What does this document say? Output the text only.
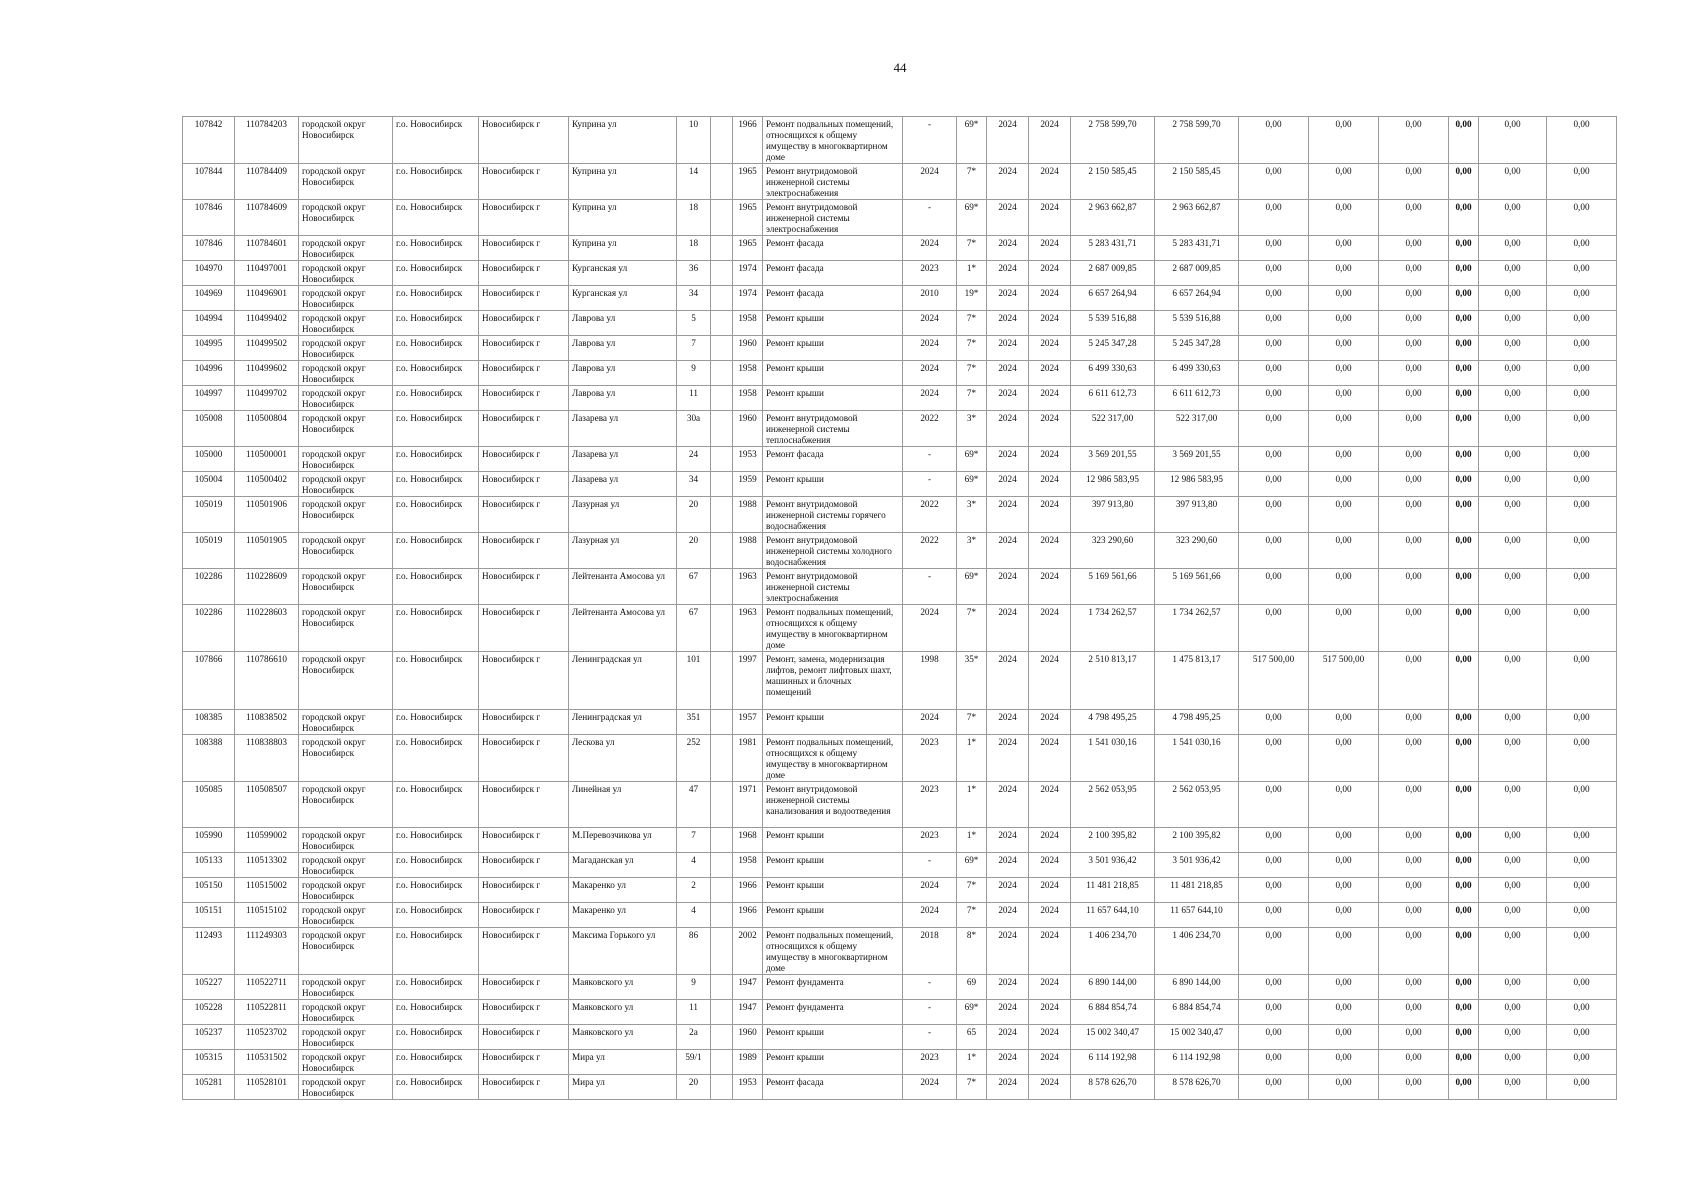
44
107842	110784203	городской округ Новосибирск	г.о. Новосибирск	Новосибирск г	Куприна ул	10		1966	Ремонт подвальных помещений, относящихся к общему имуществу в многоквартирном доме	-	69*	2024	2024	2 758 599,70	2 758 599,70	0,00	0,00	0,00	0,00	0,00	0,00
107844	110784409	городской округ Новосибирск	г.о. Новосибирск	Новосибирск г	Куприна ул	14		1965	Ремонт внутридомовой инженерной системы электроснабжения	2024	7*	2024	2024	2 150 585,45	2 150 585,45	0,00	0,00	0,00	0,00	0,00	0,00
107846	110784609	городской округ Новосибирск	г.о. Новосибирск	Новосибирск г	Куприна ул	18		1965	Ремонт внутридомовой инженерной системы электроснабжения	-	69*	2024	2024	2 963 662,87	2 963 662,87	0,00	0,00	0,00	0,00	0,00	0,00
107846	110784601	городской округ Новосибирск	г.о. Новосибирск	Новосибирск г	Куприна ул	18		1965	Ремонт фасада	2024	7*	2024	2024	5 283 431,71	5 283 431,71	0,00	0,00	0,00	0,00	0,00	0,00
104970	110497001	городской округ Новосибирск	г.о. Новосибирск	Новосибирск г	Курганская ул	36		1974	Ремонт фасада	2023	1*	2024	2024	2 687 009,85	2 687 009,85	0,00	0,00	0,00	0,00	0,00	0,00
104969	110496901	городской округ Новосибирск	г.о. Новосибирск	Новосибирск г	Курганская ул	34		1974	Ремонт фасада	2010	19*	2024	2024	6 657 264,94	6 657 264,94	0,00	0,00	0,00	0,00	0,00	0,00
104994	110499402	городской округ Новосибирск	г.о. Новосибирск	Новосибирск г	Лаврова ул	5		1958	Ремонт крыши	2024	7*	2024	2024	5 539 516,88	5 539 516,88	0,00	0,00	0,00	0,00	0,00	0,00
104995	110499502	городской округ Новосибирск	г.о. Новосибирск	Новосибирск г	Лаврова ул	7		1960	Ремонт крыши	2024	7*	2024	2024	5 245 347,28	5 245 347,28	0,00	0,00	0,00	0,00	0,00	0,00
104996	110499602	городской округ Новосибирск	г.о. Новосибирск	Новосибирск г	Лаврова ул	9		1958	Ремонт крыши	2024	7*	2024	2024	6 499 330,63	6 499 330,63	0,00	0,00	0,00	0,00	0,00	0,00
104997	110499702	городской округ Новосибирск	г.о. Новосибирск	Новосибирск г	Лаврова ул	11		1958	Ремонт крыши	2024	7*	2024	2024	6 611 612,73	6 611 612,73	0,00	0,00	0,00	0,00	0,00	0,00
105008	110500804	городской округ Новосибирск	г.о. Новосибирск	Новосибирск г	Лазарева ул	30а		1960	Ремонт внутридомовой инженерной системы теплоснабжения	2022	3*	2024	2024	522 317,00	522 317,00	0,00	0,00	0,00	0,00	0,00	0,00
105000	110500001	городской округ Новосибирск	г.о. Новосибирск	Новосибирск г	Лазарева ул	24		1953	Ремонт фасада	-	69*	2024	2024	3 569 201,55	3 569 201,55	0,00	0,00	0,00	0,00	0,00	0,00
105004	110500402	городской округ Новосибирск	г.о. Новосибирск	Новосибирск г	Лазарева ул	34		1959	Ремонт крыши	-	69*	2024	2024	12 986 583,95	12 986 583,95	0,00	0,00	0,00	0,00	0,00	0,00
105019	110501906	городской округ Новосибирск	г.о. Новосибирск	Новосибирск г	Лазурная ул	20		1988	Ремонт внутридомовой инженерной системы горячего водоснабжения	2022	3*	2024	2024	397 913,80	397 913,80	0,00	0,00	0,00	0,00	0,00	0,00
105019	110501905	городской округ Новосибирск	г.о. Новосибирск	Новосибирск г	Лазурная ул	20		1988	Ремонт внутридомовой инженерной системы холодного водоснабжения	2022	3*	2024	2024	323 290,60	323 290,60	0,00	0,00	0,00	0,00	0,00	0,00
102286	110228609	городской округ Новосибирск	г.о. Новосибирск	Новосибирск г	Лейтенанта Амосова ул	67		1963	Ремонт внутридомовой инженерной системы электроснабжения	-	69*	2024	2024	5 169 561,66	5 169 561,66	0,00	0,00	0,00	0,00	0,00	0,00
102286	110228603	городской округ Новосибирск	г.о. Новосибирск	Новосибирск г	Лейтенанта Амосова ул	67		1963	Ремонт подвальных помещений, относящихся к общему имуществу в многоквартирном доме	2024	7*	2024	2024	1 734 262,57	1 734 262,57	0,00	0,00	0,00	0,00	0,00	0,00
107866	110786610	городской округ Новосибирск	г.о. Новосибирск	Новосибирск г	Ленинградская ул	101		1997	Ремонт, замена, модернизация лифтов, ремонт лифтовых шахт, машинных и блочных помещений	1998	35*	2024	2024	2 510 813,17	1 475 813,17	517 500,00	517 500,00	0,00	0,00	0,00	0,00
108385	110838502	городской округ Новосибирск	г.о. Новосибирск	Новосибирск г	Ленинградская ул	351		1957	Ремонт крыши	2024	7*	2024	2024	4 798 495,25	4 798 495,25	0,00	0,00	0,00	0,00	0,00	0,00
108388	110838803	городской округ Новосибирск	г.о. Новосибирск	Новосибирск г	Лескова ул	252		1981	Ремонт подвальных помещений, относящихся к общему имуществу в многоквартирном доме	2023	1*	2024	2024	1 541 030,16	1 541 030,16	0,00	0,00	0,00	0,00	0,00	0,00
105085	110508507	городской округ Новосибирск	г.о. Новосибирск	Новосибирск г	Линейная ул	47		1971	Ремонт внутридомовой инженерной системы канализования и водоотведения	2023	1*	2024	2024	2 562 053,95	2 562 053,95	0,00	0,00	0,00	0,00	0,00	0,00
105990	110599002	городской округ Новосибирск	г.о. Новосибирск	Новосибирск г	М.Перевозчикова ул	7		1968	Ремонт крыши	2023	1*	2024	2024	2 100 395,82	2 100 395,82	0,00	0,00	0,00	0,00	0,00	0,00
105133	110513302	городской округ Новосибирск	г.о. Новосибирск	Новосибирск г	Магаданская ул	4		1958	Ремонт крыши	-	69*	2024	2024	3 501 936,42	3 501 936,42	0,00	0,00	0,00	0,00	0,00	0,00
105150	110515002	городской округ Новосибирск	г.о. Новосибирск	Новосибирск г	Макаренко ул	2		1966	Ремонт крыши	2024	7*	2024	2024	11 481 218,85	11 481 218,85	0,00	0,00	0,00	0,00	0,00	0,00
105151	110515102	городской округ Новосибирск	г.о. Новосибирск	Новосибирск г	Макаренко ул	4		1966	Ремонт крыши	2024	7*	2024	2024	11 657 644,10	11 657 644,10	0,00	0,00	0,00	0,00	0,00	0,00
112493	111249303	городской округ Новосибирск	г.о. Новосибирск	Новосибирск г	Максима Горького ул	86		2002	Ремонт подвальных помещений, относящихся к общему имуществу в многоквартирном доме	2018	8*	2024	2024	1 406 234,70	1 406 234,70	0,00	0,00	0,00	0,00	0,00	0,00
105227	110522711	городской округ Новосибирск	г.о. Новосибирск	Новосибирск г	Маяковского ул	9		1947	Ремонт фундамента	-	69	2024	2024	6 890 144,00	6 890 144,00	0,00	0,00	0,00	0,00	0,00	0,00
105228	110522811	городской округ Новосибирск	г.о. Новосибирск	Новосибирск г	Маяковского ул	11		1947	Ремонт фундамента	-	69*	2024	2024	6 884 854,74	6 884 854,74	0,00	0,00	0,00	0,00	0,00	0,00
105237	110523702	городской округ Новосибирск	г.о. Новосибирск	Новосибирск г	Маяковского ул	2а		1960	Ремонт крыши	-	65	2024	2024	15 002 340,47	15 002 340,47	0,00	0,00	0,00	0,00	0,00	0,00
105315	110531502	городской округ Новосибирск	г.о. Новосибирск	Новосибирск г	Мира ул	59/1		1989	Ремонт крыши	2023	1*	2024	2024	6 114 192,98	6 114 192,98	0,00	0,00	0,00	0,00	0,00	0,00
105281	110528101	городской округ Новосибирск	г.о. Новосибирск	Новосибирск г	Мира ул	20		1953	Ремонт фасада	2024	7*	2024	2024	8 578 626,70	8 578 626,70	0,00	0,00	0,00	0,00	0,00	0,00
